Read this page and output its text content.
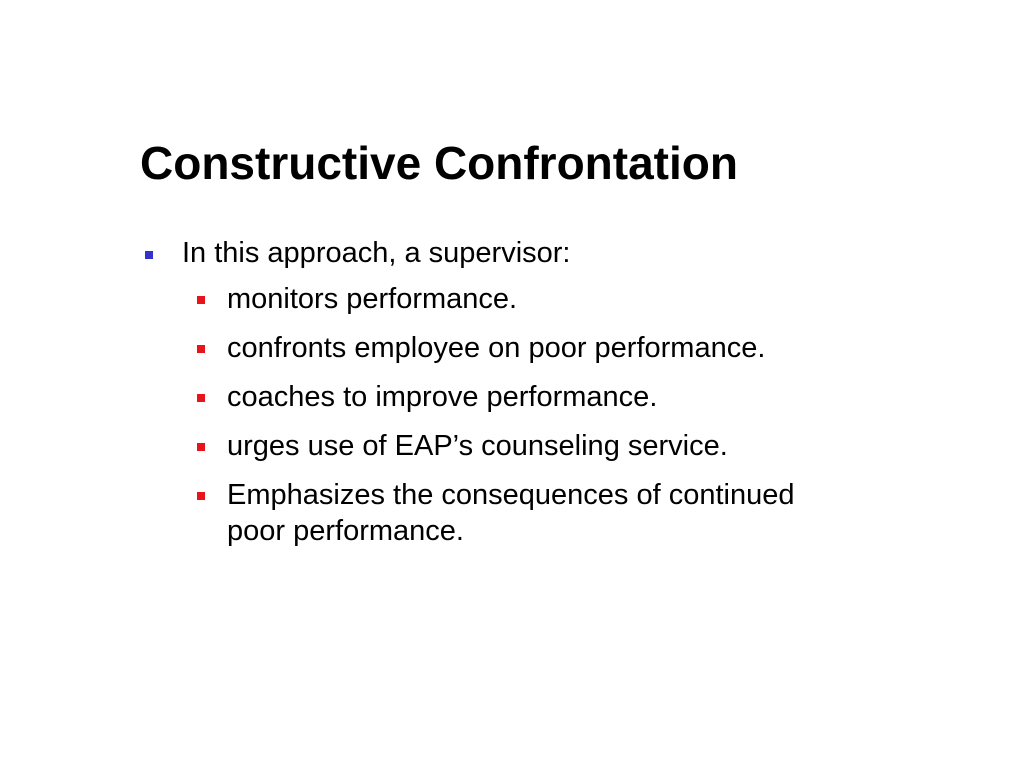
Constructive Confrontation
In this approach, a supervisor:
monitors performance.
confronts employee on poor performance.
coaches to improve performance.
urges use of EAP’s counseling service.
Emphasizes the consequences of continued poor performance.
